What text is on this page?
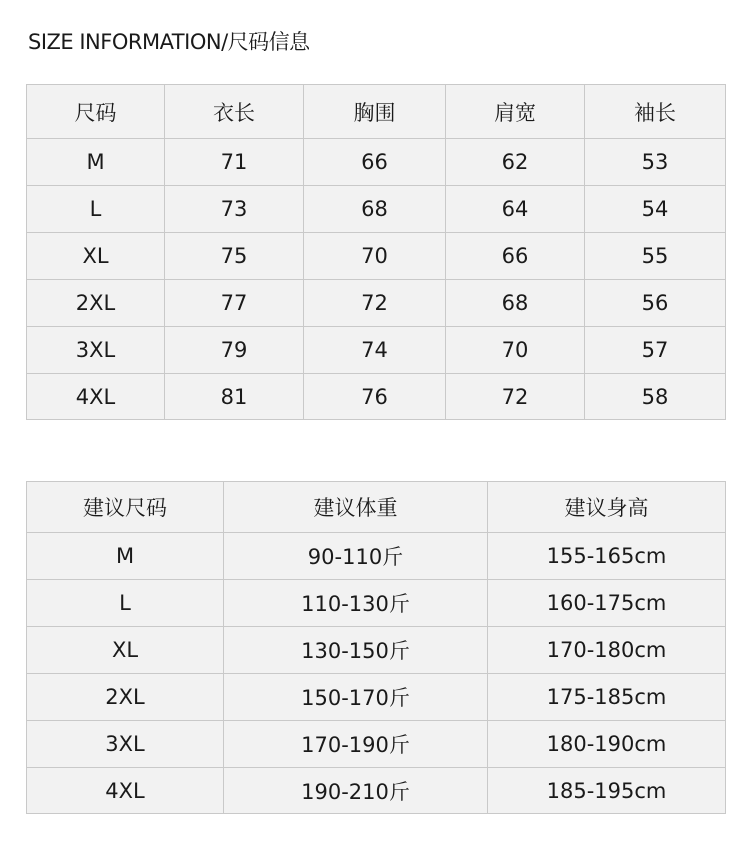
SIZE INFORMATION/尺码信息
尺码	衣长	胸围	肩宽	袖长
M	71	66	62	53
L	73	68	64	54
XL	75	70	66	55
2XL	77	72	68	56
3XL	79	74	70	57
4XL	81	76	72	58
建议尺码	建议体重	建议身高
M	90-110斤	155-165cm
L	110-130斤	160-175cm
XL	130-150斤	170-180cm
2XL	150-170斤	175-185cm
3XL	170-190斤	180-190cm
4XL	190-210斤	185-195cm
